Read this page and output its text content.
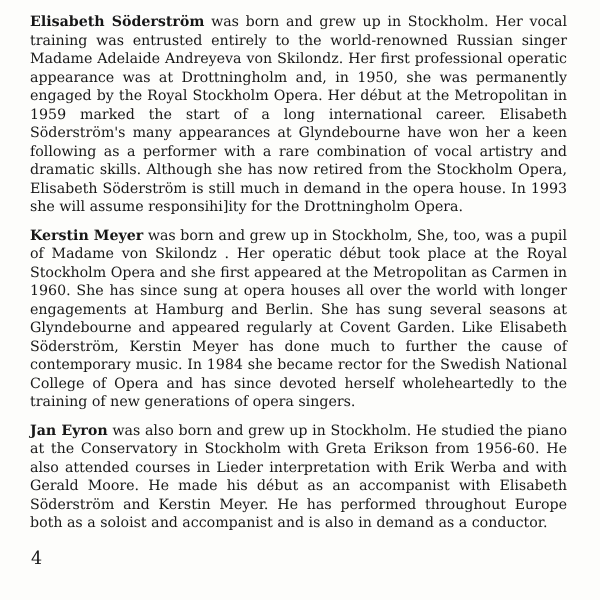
Elisabeth Söderström was born and grew up in Stockholm. Her vocal training was entrusted entirely to the world-renowned Russian singer Madame Adelaide Andreyeva von Skilondz. Her first professional operatic appearance was at Drottningholm and, in 1950, she was permanently engaged by the Royal Stockholm Opera. Her début at the Metropolitan in 1959 marked the start of a long international career. Elisabeth Söderström's many appearances at Glyndebourne have won her a keen following as a performer with a rare combination of vocal artistry and dramatic skills. Although she has now retired from the Stockholm Opera, Elisabeth Söderström is still much in demand in the opera house. In 1993 she will assume responsihi]ity for the Drottningholm Opera.

Kerstin Meyer was born and grew up in Stockholm, She, too, was a pupil of Madame von Skilondz . Her operatic début took place at the Royal Stockholm Opera and she first appeared at the Metropolitan as Carmen in 1960. She has since sung at opera houses all over the world with longer engagements at Hamburg and Berlin. She has sung several seasons at Glyndebourne and appeared regularly at Covent Garden. Like Elisabeth Söderström, Kerstin Meyer has done much to further the cause of contemporary music. In 1984 she became rector for the Swedish National College of Opera and has since devoted herself wholeheartedly to the training of new generations of opera singers.

Jan Eyron was also born and grew up in Stockholm. He studied the piano at the Conservatory in Stockholm with Greta Erikson from 1956-60. He also attended courses in Lieder interpretation with Erik Werba and with Gerald Moore. He made his début as an accompanist with Elisabeth Söderström and Kerstin Meyer. He has performed throughout Europe both as a soloist and accompanist and is also in demand as a conductor.

4
